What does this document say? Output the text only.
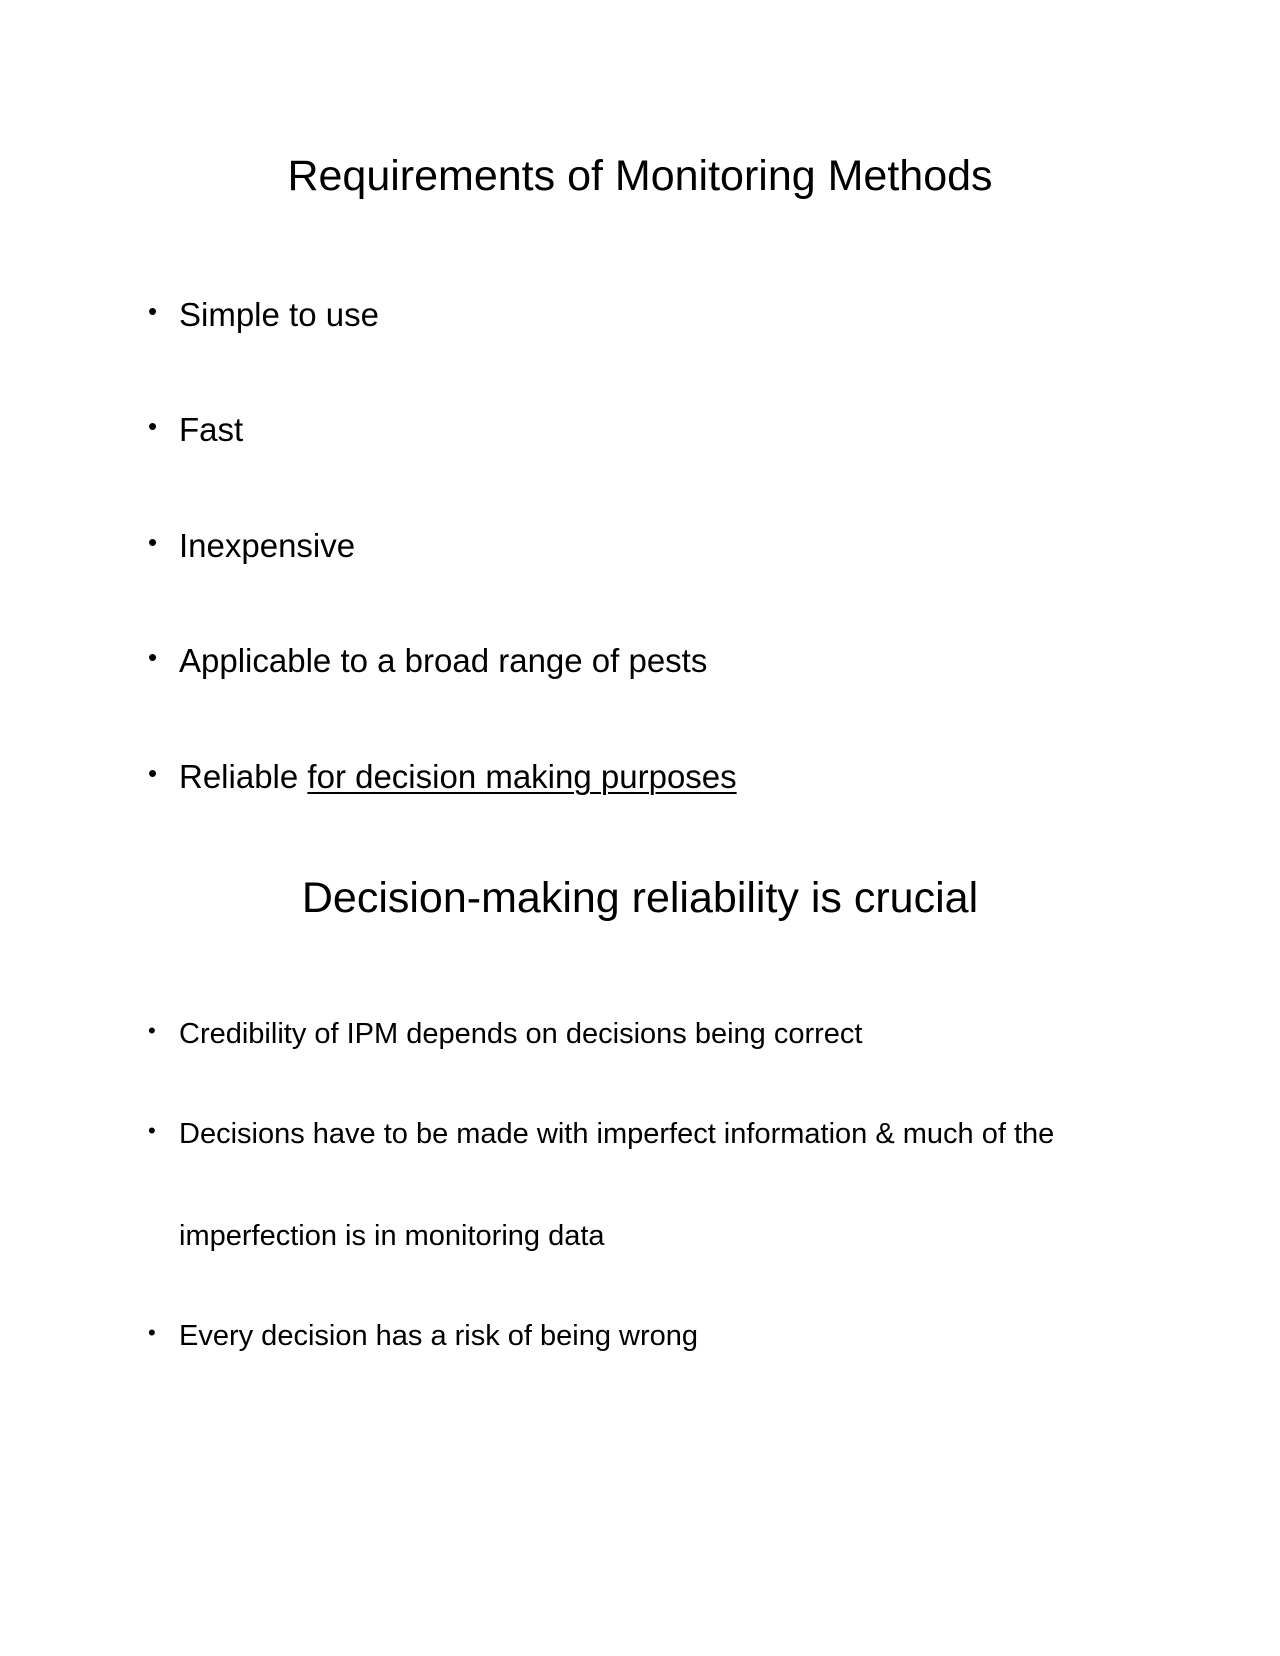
Requirements of Monitoring Methods
• Simple to use
• Fast
• Inexpensive
• Applicable to a broad range of pests
• Reliable for decision making purposes
Decision-making reliability is crucial
• Credibility of IPM depends on decisions being correct
• Decisions have to be made with imperfect information & much of the
imperfection is in monitoring data
• Every decision has a risk of being wrong
